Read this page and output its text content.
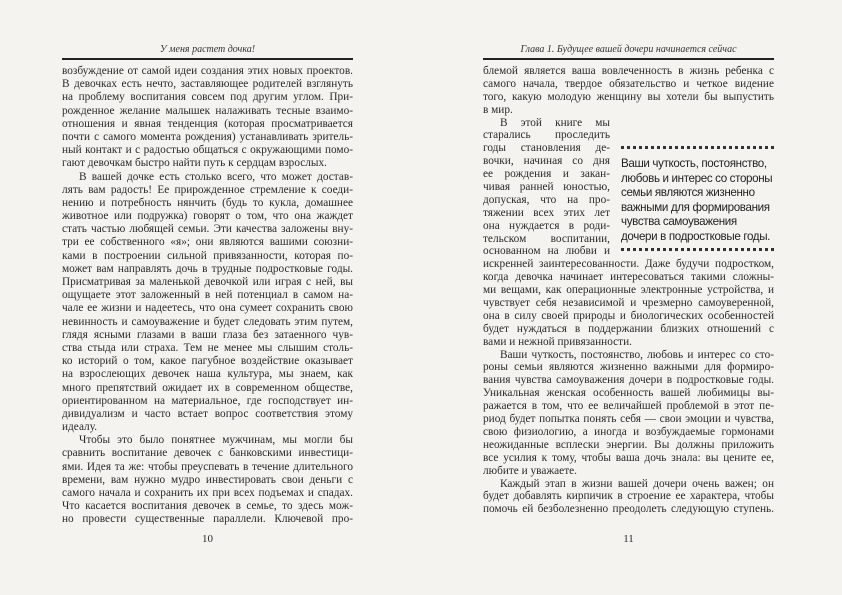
У меня растет дочка!
возбуждение от самой идеи создания этих новых проектов.
В девочках есть нечто, заставляющее родителей взглянуть
на проблему воспитания совсем под другим углом. При-
рожденное желание малышек налаживать тесные взаимо-
отношения и явная тенденция (которая просматривается
почти с самого момента рождения) устанавливать зритель-
ный контакт и с радостью общаться с окружающими помо-
гают девочкам быстро найти путь к сердцам взрослых.
В вашей дочке есть столько всего, что может достав-
лять вам радость! Ее прирожденное стремление к соеди-
нению и потребность нянчить (будь то кукла, домашнее
животное или подружка) говорят о том, что она жаждет
стать частью любящей семьи. Эти качества заложены вну-
три ее собственного «я»; они являются вашими союзни-
ками в построении сильной привязанности, которая по-
может вам направлять дочь в трудные подростковые годы.
Присматривая за маленькой девочкой или играя с ней, вы
ощущаете этот заложенный в ней потенциал в самом на-
чале ее жизни и надеетесь, что она сумеет сохранить свою
невинность и самоуважение и будет следовать этим путем,
глядя ясными глазами в ваши глаза без затаенного чув-
ства стыда или страха. Тем не менее мы слышим столь-
ко историй о том, какое пагубное воздействие оказывает
на взрослеющих девочек наша культура, мы знаем, как
много препятствий ожидает их в современном обществе,
ориентированном на материальное, где господствует ин-
дивидуализм и часто встает вопрос соответствия этому
идеалу.
Чтобы это было понятнее мужчинам, мы могли бы
сравнить воспитание девочек с банковскими инвестици-
ями. Идея та же: чтобы преуспевать в течение длительного
времени, вам нужно мудро инвестировать свои деньги с
самого начала и сохранить их при всех подъемах и спадах.
Что касается воспитания девочек в семье, то здесь мож-
но провести существенные параллели. Ключевой про-
10
Глава 1. Будущее вашей дочери начинается сейчас
блемой является ваша вовлеченность в жизнь ребенка с
самого начала, твердое обязательство и четкое видение
того, какую молодую женщину вы хотели бы выпустить
в мир.
В этой книге мы
старались проследить
годы становления де-
вочки, начиная со дня
ее рождения и закан-
чивая ранней юностью,
допуская, что на про-
тяжении всех этих лет
она нуждается в роди-
тельском воспитании,
основанном на любви и
искренней заинтересованности. Даже будучи подростком,
когда девочка начинает интересоваться такими сложны-
ми вещами, как операционные электронные устройства, и
чувствует себя независимой и чрезмерно самоуверенной,
она в силу своей природы и биологических особенностей
будет нуждаться в поддержании близких отношений с
вами и нежной привязанности.
Ваши чуткость, постоянство, любовь и интерес со сто-
роны семьи являются жизненно важными для формиро-
вания чувства самоуважения дочери в подростковые годы.
Уникальная женская особенность вашей любимицы вы-
ражается в том, что ее величайшей проблемой в этот пе-
риод будет попытка понять себя — свои эмоции и чувства,
свою физиологию, а иногда и возбуждаемые гормонами
неожиданные всплески энергии. Вы должны приложить
все усилия к тому, чтобы ваша дочь знала: вы цените ее,
любите и уважаете.
Каждый этап в жизни вашей дочери очень важен; он
будет добавлять кирпичик в строение ее характера, чтобы
помочь ей безболезненно преодолеть следующую ступень.
Ваши чуткость, постоянство,
любовь и интерес со стороны
семьи являются жизненно
важными для формирования
чувства самоуважения
дочери в подростковые годы.
11
